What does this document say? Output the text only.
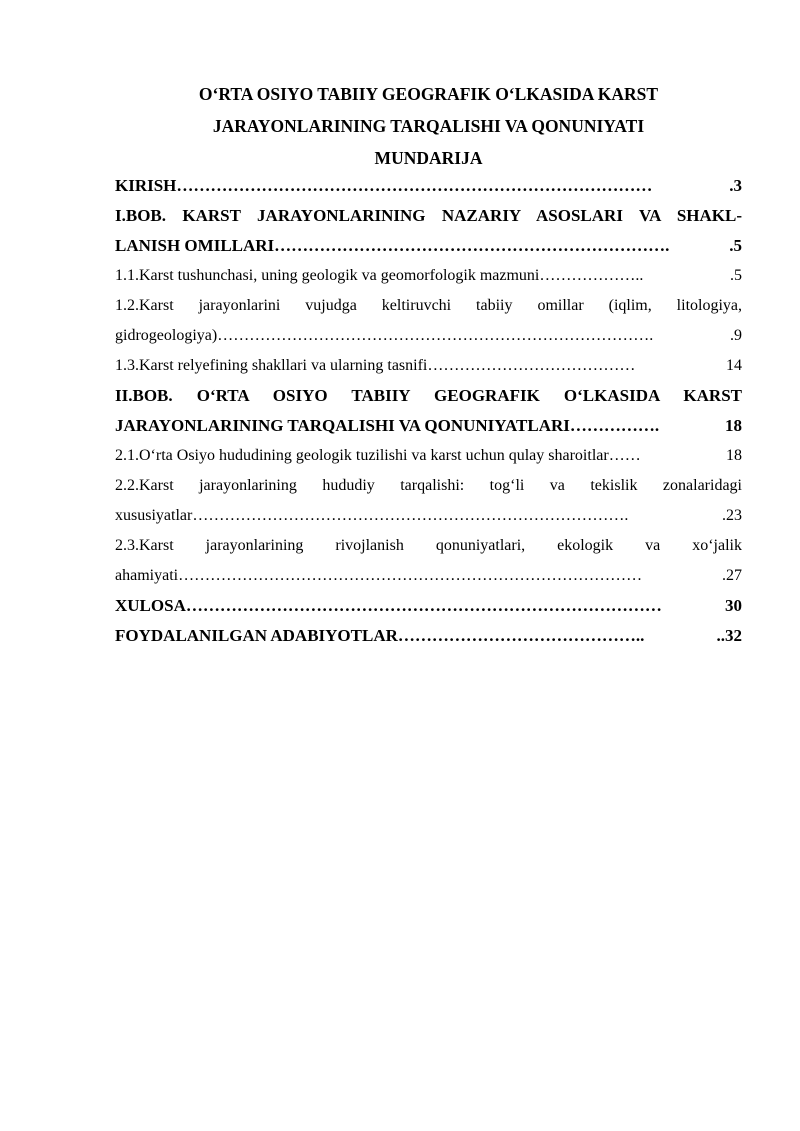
O‘RTA OSIYO TABIIY GEOGRAFIK O‘LKASIDA KARST
JARAYONLARINING TARQALISHI VA QONUNIYATI
MUNDARIJA
KIRISH …………………………………………………………………………	.3
I.BOB. KARST JARAYONLARINING NAZARIY ASOSLARI VA SHAKL-
LANISH OMILLARI …………………………………………………………….	.5
1.1.Karst tushunchasi, uning geologik va geomorfologik mazmuni ………………..	.5
1.2.Karst jarayonlarini vujudga keltiruvchi tabiiy omillar (iqlim, litologiya,
gidrogeologiya) ……………………………………………………………………….	.9
1.3.Karst relyefining shakllari va ularning tasnifi …………………………………	14
II.BOB. O‘RTA OSIYO TABIIY GEOGRAFIK O‘LKASIDA KARST
JARAYONLARINING TARQALISHI VA QONUNIYATLARI …………….	18
2.1.O‘rta Osiyo hududining geologik tuzilishi va karst uchun qulay sharoitlar ……	18
2.2.Karst jarayonlarining hududiy tarqalishi: tog‘li va tekislik zonalaridagi
xususiyatlar ……………………………………………………………………….	.23
2.3.Karst jarayonlarining rivojlanish qonuniyatlari, ekologik va xo‘jalik
ahamiyati ……………………………………………………………………………	.27
XULOSA …………………………………………………………………………	30
FOYDALANILGAN ADABIYOTLAR ……………………………………..	..32
